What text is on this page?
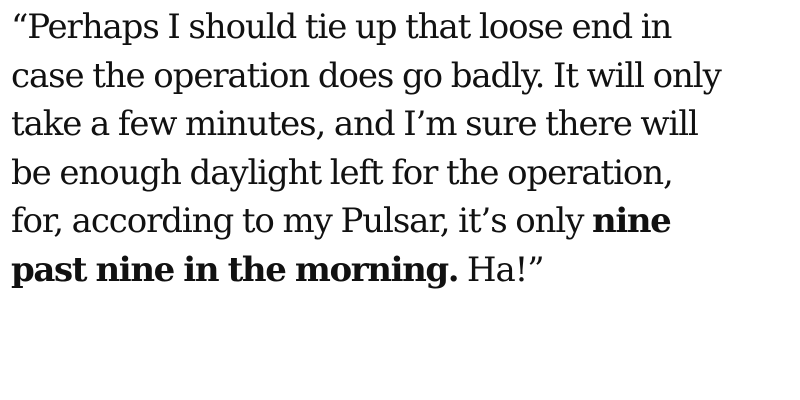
“Perhaps I should tie up that loose end in
case the operation does go badly. It will only
take a few minutes, and I’m sure there will
be enough daylight left for the operation,
for, according to my Pulsar, it’s only nine
past nine in the morning. Ha!”
